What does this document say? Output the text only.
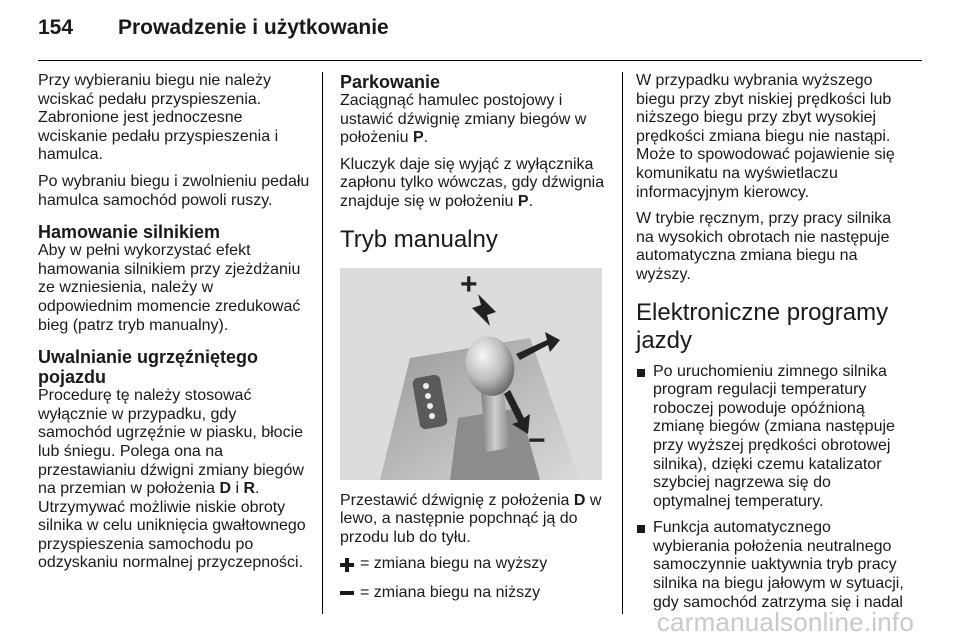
154 Prowadzenie i użytkowanie

Przy wybieraniu biegu nie należy wciskać pedału przyspieszenia. Zabronione jest jednoczesne wciskanie pedału przyspieszenia i hamulca.

Po wybraniu biegu i zwolnieniu pedału hamulca samochód powoli ruszy.

Hamowanie silnikiem

Aby w pełni wykorzystać efekt hamowania silnikiem przy zjeżdżaniu ze wzniesienia, należy w odpowiednim momencie zredukować bieg (patrz tryb manualny).

Uwalnianie ugrzęźniętego pojazdu

Procedurę tę należy stosować wyłącznie w przypadku, gdy samochód ugrzęźnie w piasku, błocie lub śniegu. Polega ona na przestawianiu dźwigni zmiany biegów na przemian w położenia D i R. Utrzymywać możliwie niskie obroty silnika w celu uniknięcia gwałtownego przyspieszenia samochodu po odzyskaniu normalnej przyczepności.

Parkowanie

Zaciągnąć hamulec postojowy i ustawić dźwignię zmiany biegów w położeniu P.

Kluczyk daje się wyjąć z wyłącznika zapłonu tylko wówczas, gdy dźwignia znajduje się w położeniu P.

Tryb manualny
+
−

Przestawić dźwignię z położenia D w lewo, a następnie popchnąć ją do przodu lub do tyłu.

= zmiana biegu na wyższy
= zmiana biegu na niższy

W przypadku wybrania wyższego biegu przy zbyt niskiej prędkości lub niższego biegu przy zbyt wysokiej prędkości zmiana biegu nie nastąpi. Może to spowodować pojawienie się komunikatu na wyświetlaczu informacyjnym kierowcy.

W trybie ręcznym, przy pracy silnika na wysokich obrotach nie następuje automatyczna zmiana biegu na wyższy.

Elektroniczne programy jazdy
Po uruchomieniu zimnego silnika program regulacji temperatury roboczej powoduje opóźnioną zmianę biegów (zmiana następuje przy wyższej prędkości obrotowej silnika), dzięki czemu katalizator szybciej nagrzewa się do optymalnej temperatury.
Funkcja automatycznego wybierania położenia neutralnego samoczynnie uaktywnia tryb pracy silnika na biegu jałowym w sytuacji, gdy samochód zatrzyma się i nadal
carmanualsonline.info
